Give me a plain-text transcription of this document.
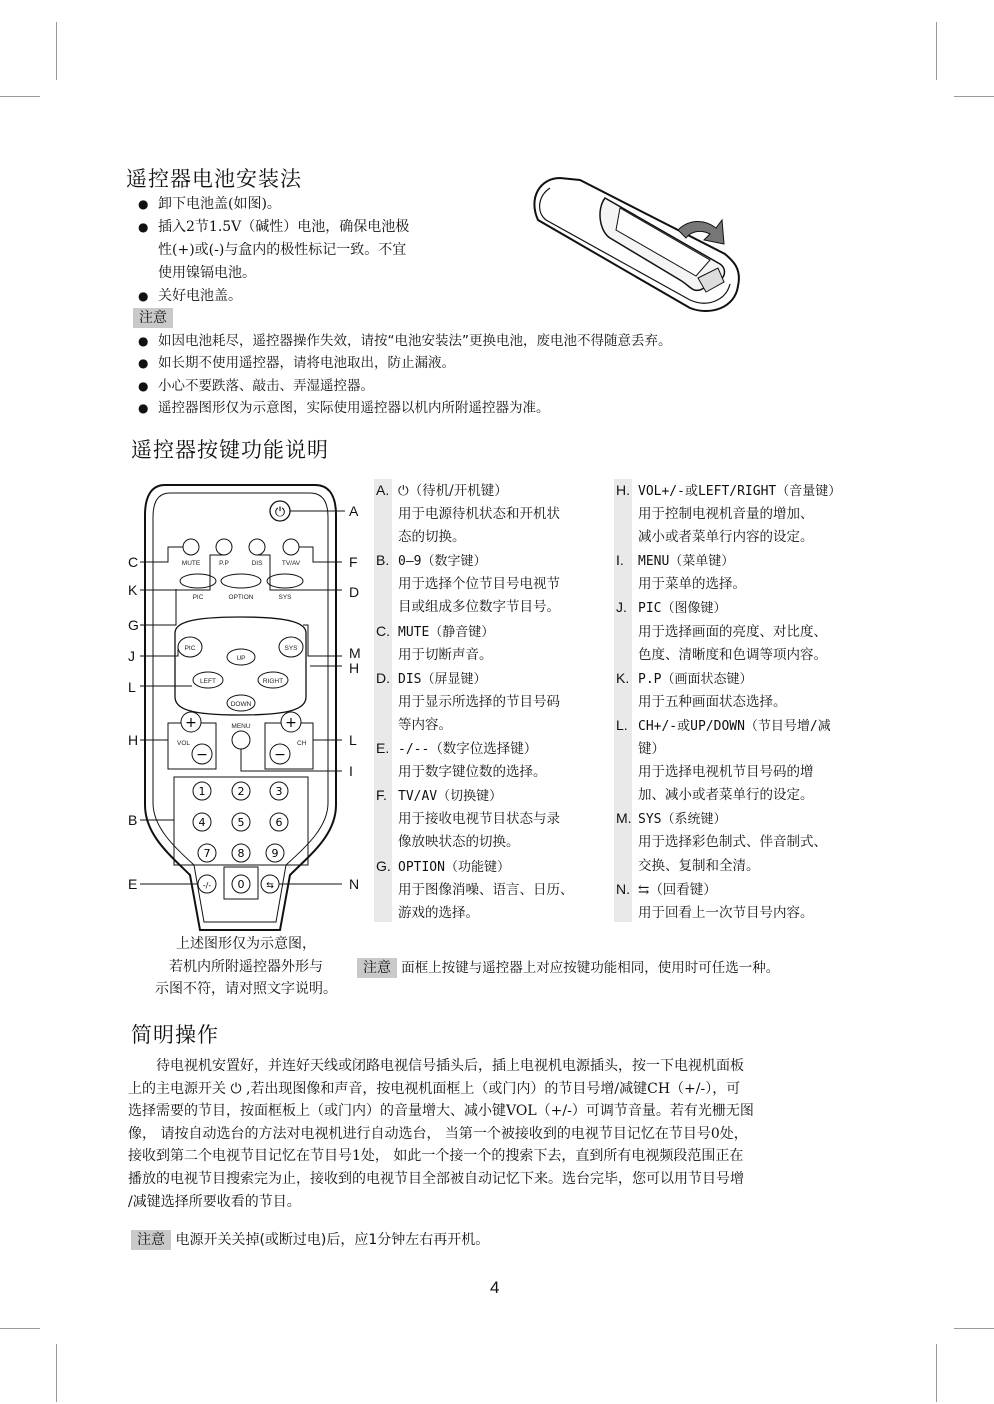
遥控器电池安装法
● 卸下电池盖(如图)。
● 插入2节1.5V（碱性）电池，确保电池极
性(+)或(-)与盒内的极性标记一致。不宜
使用镍镉电池。
● 关好电池盖。
注意
● 如因电池耗尽，遥控器操作失效，请按“电池安装法”更换电池，废电池不得随意丢弃。
● 如长期不使用遥控器，请将电池取出，防止漏液。
● 小心不要跌落、敲击、弄湿遥控器。
● 遥控器图形仅为示意图，实际使用遥控器以机内所附遥控器为准。
遥控器按键功能说明
⏻
MUTE	P.P	DIS	TV/AV
PIC	OPTION	SYS
PIC	SYS
UP
LEFT	RIGHT
DOWN
+
−
+
−
VOL	CH
MENU
1	2	3
4	5	6
7 8 9
-/- 0 ⇆
A
C	F
K	D
G
J	M
H
L
H	L
I
B
E	N
A. ⏻（待机/开机键）
用于电源待机状态和开机状
态的切换。
B. 0—9（数字键）
用于选择个位节目号电视节
目或组成多位数字节目号。
C. MUTE（静音键）
用于切断声音。
D. DIS（屏显键）
用于显示所选择的节目号码
等内容。
E. -/--（数字位选择键）
用于数字键位数的选择。
F. TV/AV（切换键）
用于接收电视节目状态与录
像放映状态的切换。
G. OPTION（功能键）
用于图像消噪、语言、日历、
游戏的选择。
H. VOL+/-或LEFT/RIGHT（音量键）
用于控制电视机音量的增加、
减小或者菜单行内容的设定。
I. MENU（菜单键）
用于菜单的选择。
J. PIC（图像键）
用于选择画面的亮度、对比度、
色度、清晰度和色调等项内容。
K. P.P（画面状态键）
用于五种画面状态选择。
L. CH+/-或UP/DOWN（节目号增/减
键）
用于选择电视机节目号码的增
加、减小或者菜单行的设定。
M. SYS（系统键）
用于选择彩色制式、伴音制式、
交换、复制和全清。
N. ⇆（回看键）
用于回看上一次节目号内容。
上述图形仅为示意图，
若机内所附遥控器外形与
示图不符，请对照文字说明。
注意 面框上按键与遥控器上对应按键功能相同，使用时可任选一种。
简明操作
待电视机安置好，并连好天线或闭路电视信号插头后，插上电视机电源插头，按一下电视机面板
上的主电源开关 ⏻ ,若出现图像和声音，按电视机面框上（或门内）的节目号增/减键CH（+/-），可
选择需要的节目，按面框板上（或门内）的音量增大、减小键VOL（+/-）可调节音量。若有光栅无图
像， 请按自动选台的方法对电视机进行自动选台， 当第一个被接收到的电视节目记忆在节目号0处，
接收到第二个电视节目记忆在节目号1处， 如此一个接一个的搜索下去，直到所有电视频段范围正在
播放的电视节目搜索完为止，接收到的电视节目全部被自动记忆下来。选台完毕，您可以用节目号增
/减键选择所要收看的节目。
注意 电源开关关掉(或断过电)后，应1分钟左右再开机。
4
